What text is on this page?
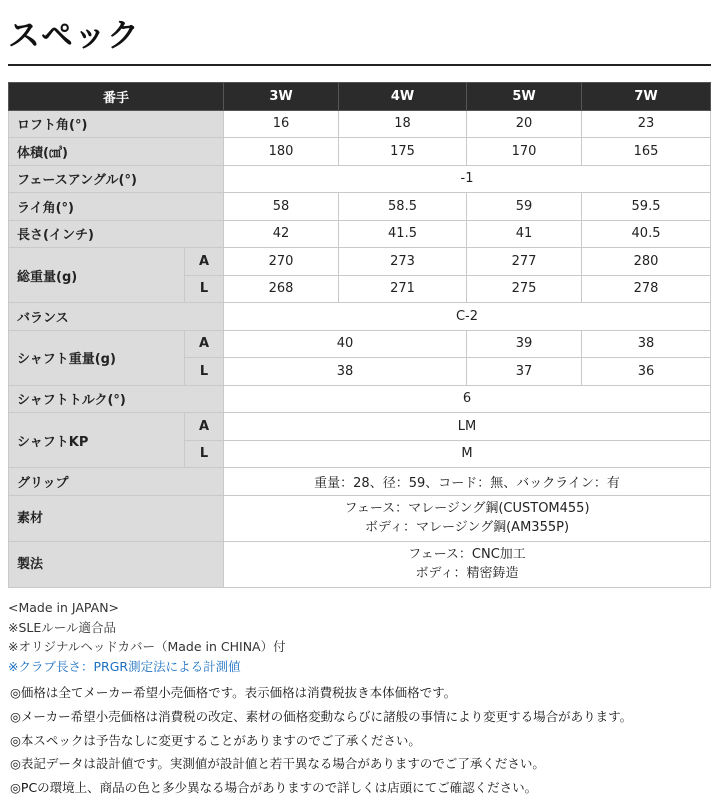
スペック
番手		3W	4W	5W	7W
ロフト角(°)		16	18	20	23
体積(㎤)		180	175	170	165
フェースアングル(°)		-1			
ライ角(°)		58	58.5	59	59.5
長さ(インチ)		42	41.5	41	40.5
総重量(g)	A	270	273	277	280
	L	268	271	275	278
バランス		C-2			
シャフト重量(g)	A	40		39	38
	L	38		37	36
シャフトトルク(°)		6			
シャフトKP	A	LM			
	L	M			
グリップ		重量：28、径：59、コード：無、バックライン：有			
素材		フェース：マレージング鋼(CUSTOM455)
ボディ：マレージング鋼(AM355P)			

製法		フェース：CNC加工
ボディ：精密鋳造			
<Made in JAPAN>
※SLEルール適合品
※オリジナルヘッドカバー（Made in CHINA）付
※クラブ長さ：PRGR測定法による計測値
◎価格は全てメーカー希望小売価格です。表示価格は消費税抜き本体価格です。
◎メーカー希望小売価格は消費税の改定、素材の価格変動ならびに諸般の事情により変更する場合があります。
◎本スペックは予告なしに変更することがありますのでご了承ください。
◎表記データは設計値です。実測値が設計値と若干異なる場合がありますのでご了承ください。
◎PCの環境上、商品の色と多少異なる場合がありますので詳しくは店頭にてご確認ください。
